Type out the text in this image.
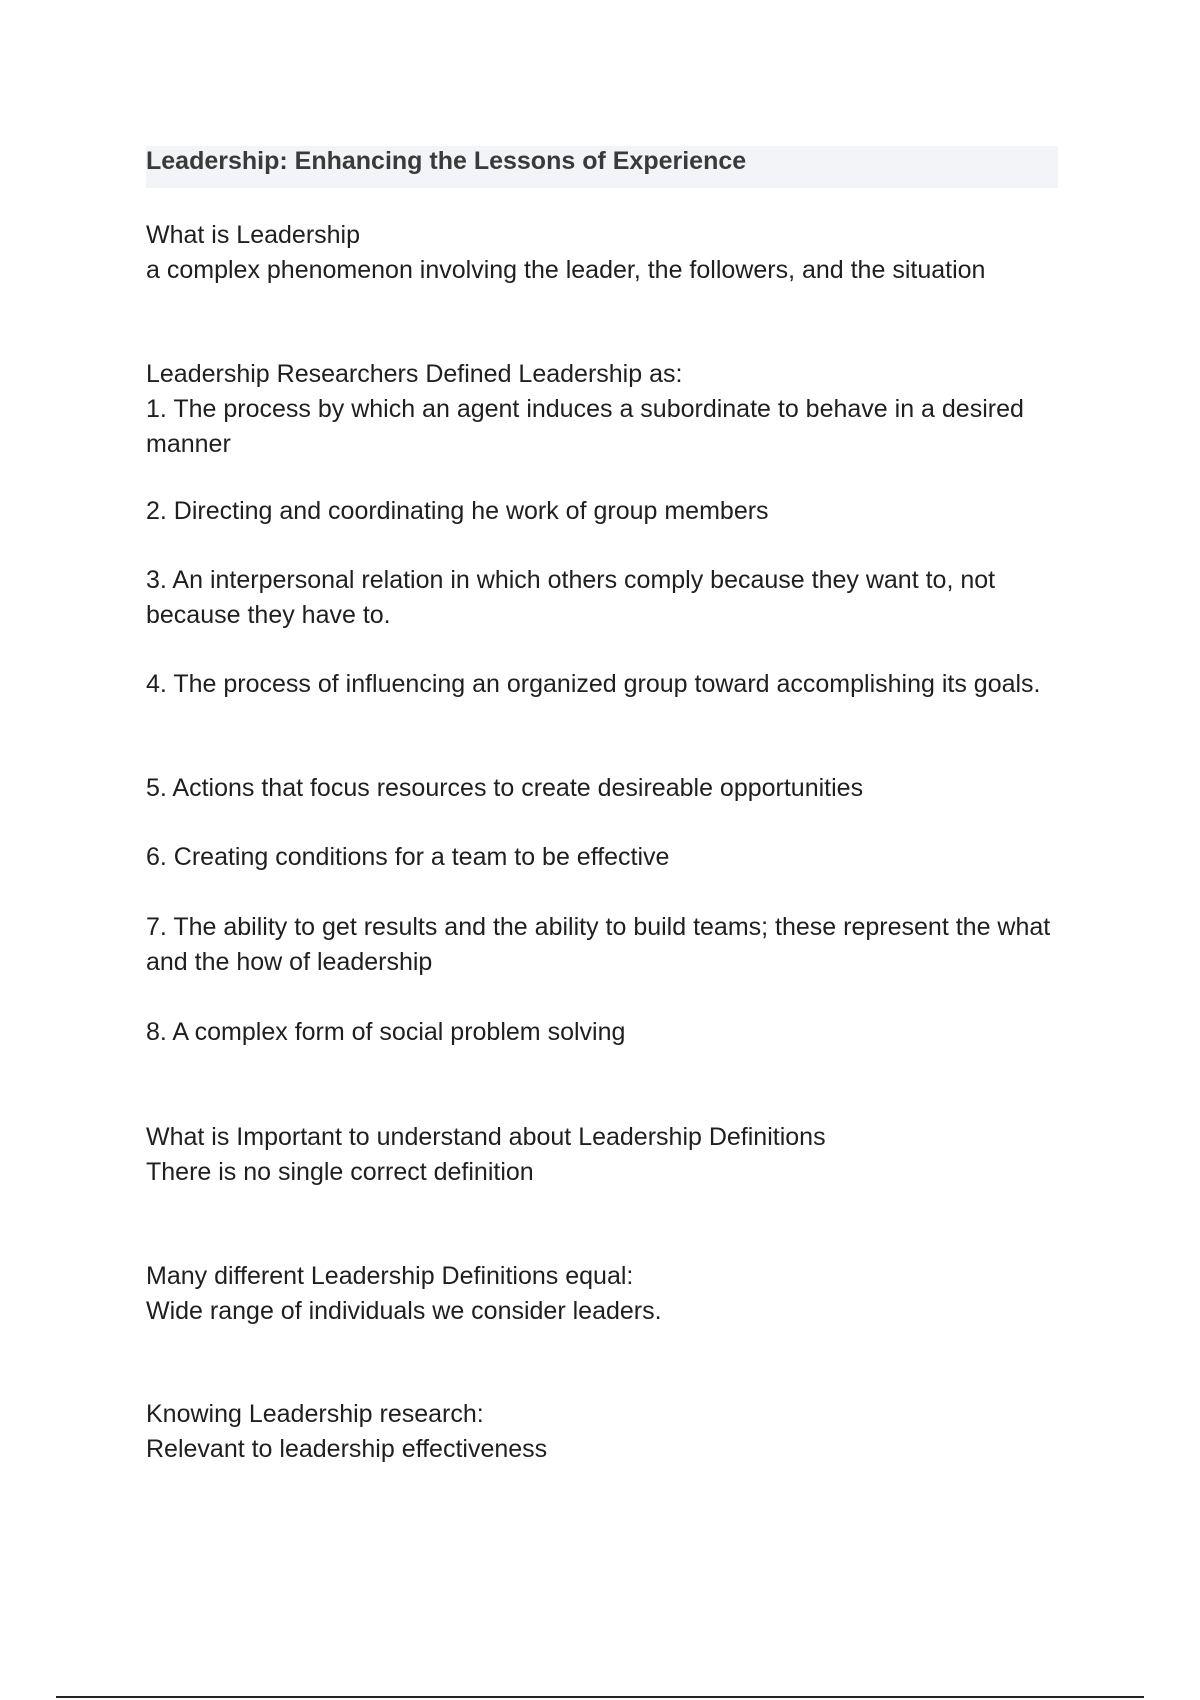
Leadership: Enhancing the Lessons of Experience
What is Leadership
a complex phenomenon involving the leader, the followers, and the situation
Leadership Researchers Defined Leadership as:
1. The process by which an agent induces a subordinate to behave in a desired manner
2. Directing and coordinating he work of group members
3. An interpersonal relation in which others comply because they want to, not because they have to.
4. The process of influencing an organized group toward accomplishing its goals.
5. Actions that focus resources to create desireable opportunities
6. Creating conditions for a team to be effective
7. The ability to get results and the ability to build teams; these represent the what and the how of leadership
8. A complex form of social problem solving
What is Important to understand about Leadership Definitions
There is no single correct definition
Many different Leadership Definitions equal:
Wide range of individuals we consider leaders.
Knowing Leadership research:
Relevant to leadership effectiveness
